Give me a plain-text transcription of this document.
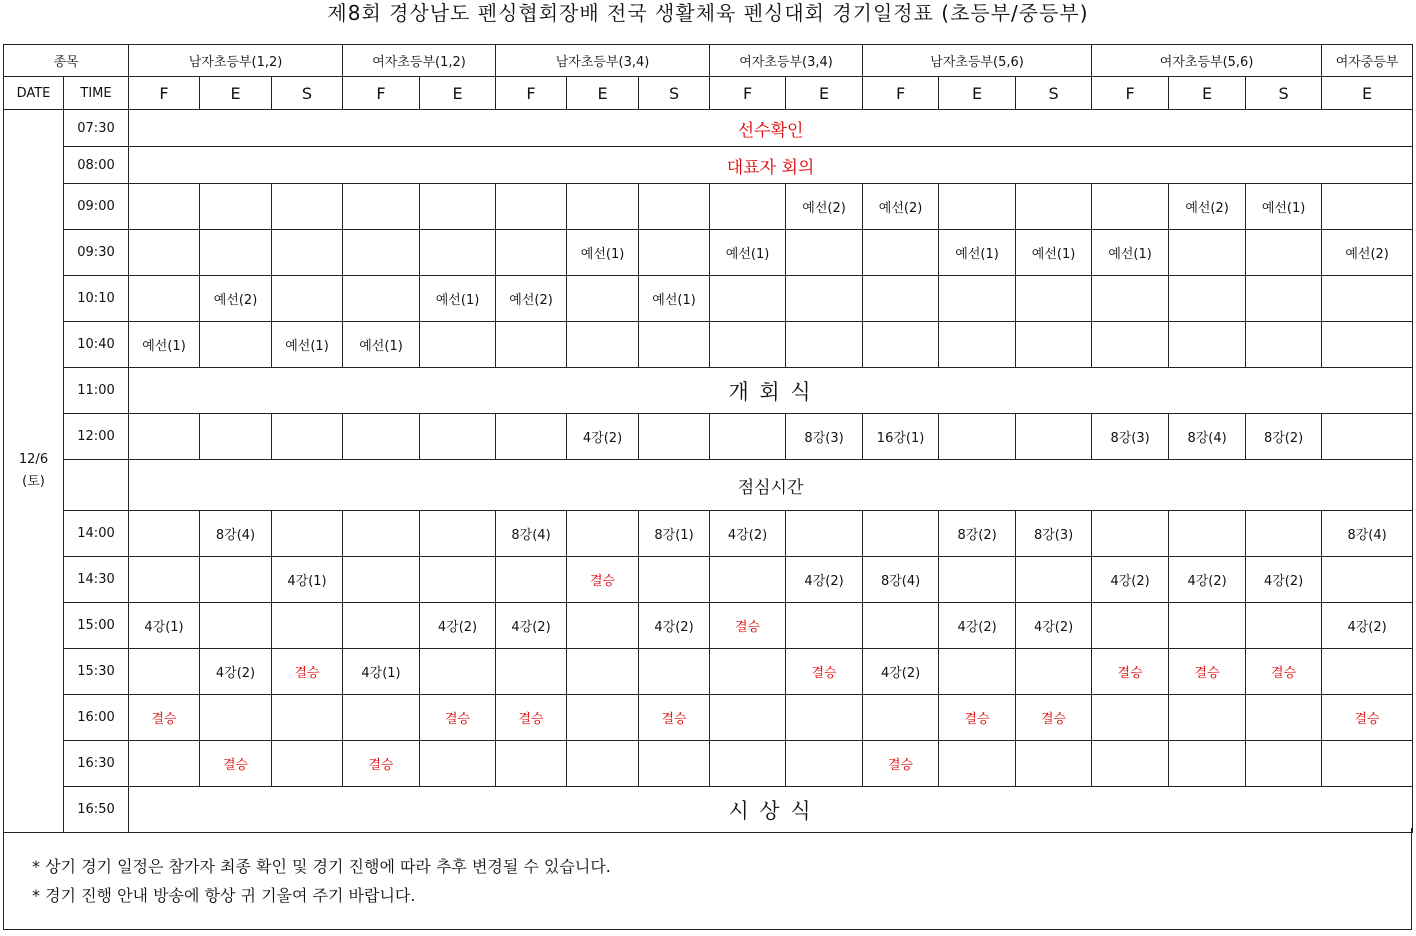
제8회 경상남도 펜싱협회장배 전국 생활체육 펜싱대회 경기일정표 (초등부/중등부)
종목		남자초등부(1,2)			여자초등부(1,2)		남자초등부(3,4)			여자초등부(3,4)		남자초등부(5,6)			여자초등부(5,6)			여자중등부
DATE	TIME	F	E	S	F	E	F	E	S	F	E	F	E	S	F	E	S	E

12/6
(토)	07:30	선수확인																
	08:00	대표자 회의																
	09:00										예선(2)	예선(2)				예선(2)	예선(1)	
	09:30							예선(1)		예선(1)			예선(1)	예선(1)	예선(1)			예선(2)
	10:10		예선(2)			예선(1)	예선(2)		예선(1)									
	10:40	예선(1)		예선(1)	예선(1)													
	11:00	개 회 식																
	12:00							4강(2)			8강(3)	16강(1)			8강(3)	8강(4)	8강(2)	
		점심시간																
	14:00		8강(4)				8강(4)		8강(1)	4강(2)			8강(2)	8강(3)				8강(4)
	14:30			4강(1)				결승			4강(2)	8강(4)			4강(2)	4강(2)	4강(2)	
	15:00	4강(1)				4강(2)	4강(2)		4강(2)	결승			4강(2)	4강(2)				4강(2)
	15:30		4강(2)	결승	4강(1)						결승	4강(2)			결승	결승	결승	
	16:00	결승				결승	결승		결승				결승	결승				결승
	16:30		결승		결승							결승						
	16:50	시 상 식																
* 상기 경기 일정은 참가자 최종 확인 및 경기 진행에 따라 추후 변경될 수 있습니다.
* 경기 진행 안내 방송에 항상 귀 기울여 주기 바랍니다.
